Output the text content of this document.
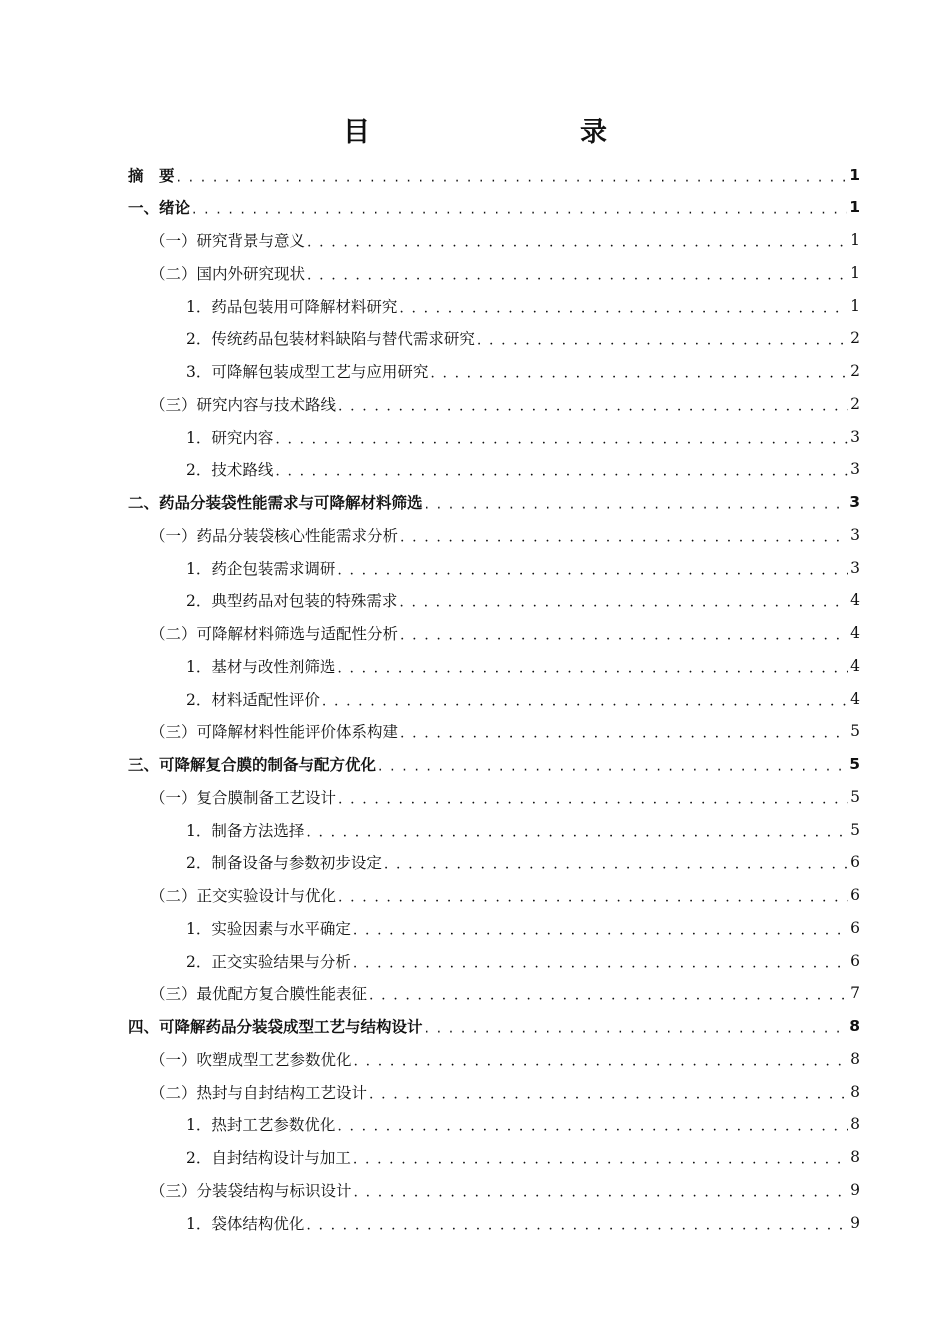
目　　录
摘　要 . . .	1
一、绪论 . . .	1
（一）研究背景与意义 . . .	1
（二）国内外研究现状 . . .	1
1．药品包装用可降解材料研究 . . .	1
2．传统药品包装材料缺陷与替代需求研究 . . .	2
3．可降解包装成型工艺与应用研究 . . .	2
（三）研究内容与技术路线 . . .	2
1．研究内容 . . .	3
2．技术路线 . . .	3
二、药品分装袋性能需求与可降解材料筛选 . . .	3
（一）药品分装袋核心性能需求分析 . . .	3
1．药企包装需求调研 . . .	3
2．典型药品对包装的特殊需求 . . .	4
（二）可降解材料筛选与适配性分析 . . .	4
1．基材与改性剂筛选 . . .	4
2．材料适配性评价 . . .	4
（三）可降解材料性能评价体系构建 . . .	5
三、可降解复合膜的制备与配方优化 . . .	5
（一）复合膜制备工艺设计 . . .	5
1．制备方法选择 . . .	5
2．制备设备与参数初步设定 . . .	6
（二）正交实验设计与优化 . . .	6
1．实验因素与水平确定 . . .	6
2．正交实验结果与分析 . . .	6
（三）最优配方复合膜性能表征 . . .	7
四、可降解药品分装袋成型工艺与结构设计 . . .	8
（一）吹塑成型工艺参数优化 . . .	8
（二）热封与自封结构工艺设计 . . .	8
1．热封工艺参数优化 . . .	8
2．自封结构设计与加工 . . .	8
（三）分装袋结构与标识设计 . . .	9
1．袋体结构优化 . . .	9
